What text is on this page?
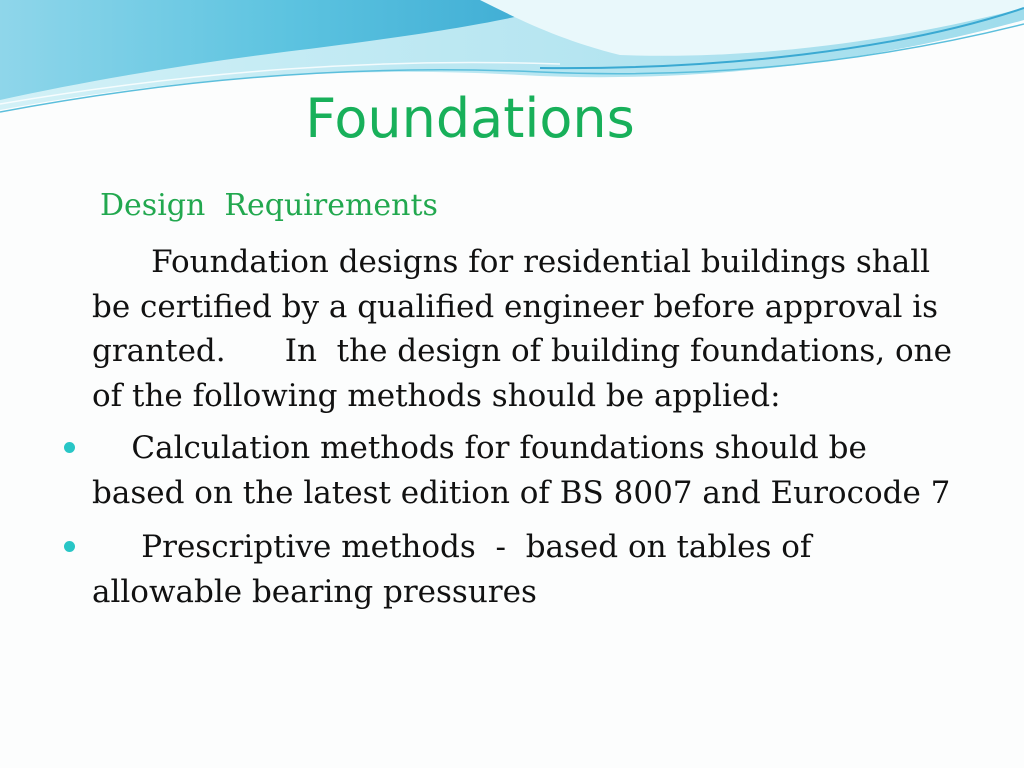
Foundations
Design  Requirements
Foundation designs for residential buildings shall
be certified by a qualified engineer before approval is
granted.      In  the design of building foundations, one
of the following methods should be applied:
Calculation methods for foundations should be
based on the latest edition of BS 8007 and Eurocode 7
Prescriptive methods  -  based on tables of
allowable bearing pressures
